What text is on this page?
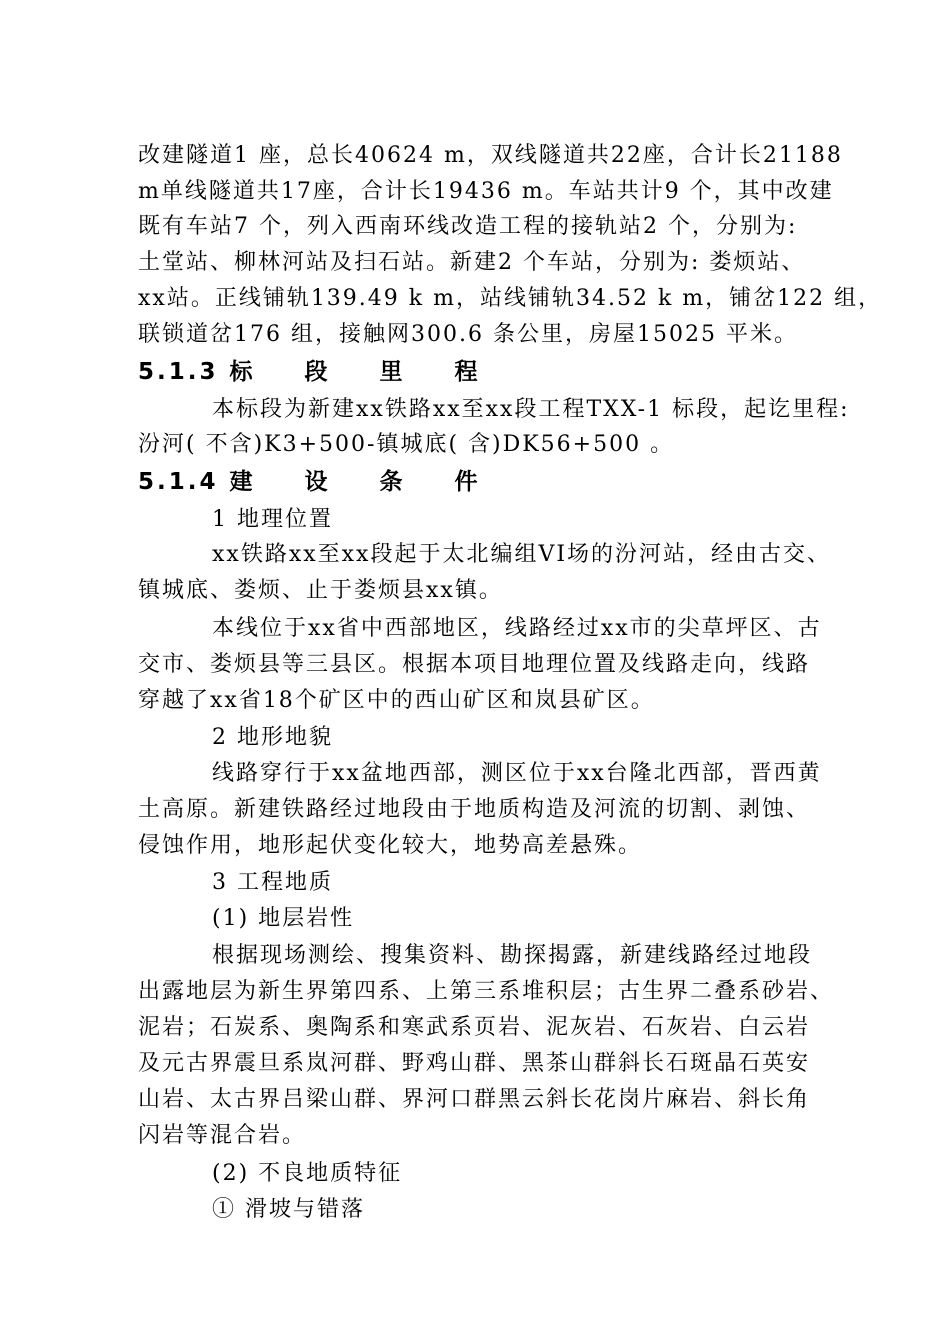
改建隧道1 座，总长40624 m，双线隧道共22座，合计长21188
m单线隧道共17座，合计长19436 m。车站共计9 个，其中改建
既有车站7 个，列入西南环线改造工程的接轨站2 个，分别为:
土堂站、柳林河站及扫石站。新建2 个车站，分别为: 娄烦站、
xx站。正线铺轨139.49 k m，站线铺轨34.52 k m，铺岔122 组，
联锁道岔176 组，接触网300.6 条公里，房屋15025 平米。
5.1.3 标 段 里 程
本标段为新建xx铁路xx至xx段工程TXX-1 标段，起讫里程:
汾河( 不含)K3+500-镇城底( 含)DK56+500 。
5.1.4 建 设 条 件
1 地理位置
xx铁路xx至xx段起于太北编组VI场的汾河站，经由古交、
镇城底、娄烦、止于娄烦县xx镇。
本线位于xx省中西部地区，线路经过xx市的尖草坪区、古
交市、娄烦县等三县区。根据本项目地理位置及线路走向，线路
穿越了xx省18个矿区中的西山矿区和岚县矿区。
2 地形地貌
线路穿行于xx盆地西部，测区位于xx台隆北西部，晋西黄
土高原。新建铁路经过地段由于地质构造及河流的切割、剥蚀、
侵蚀作用，地形起伏变化较大，地势高差悬殊。
3 工程地质
(1) 地层岩性
根据现场测绘、搜集资料、勘探揭露，新建线路经过地段
出露地层为新生界第四系、上第三系堆积层；古生界二叠系砂岩、
泥岩；石炭系、奥陶系和寒武系页岩、泥灰岩、石灰岩、白云岩
及元古界震旦系岚河群、野鸡山群、黑茶山群斜长石斑晶石英安
山岩、太古界吕梁山群、界河口群黑云斜长花岗片麻岩、斜长角
闪岩等混合岩。
(2) 不良地质特征
① 滑坡与错落
